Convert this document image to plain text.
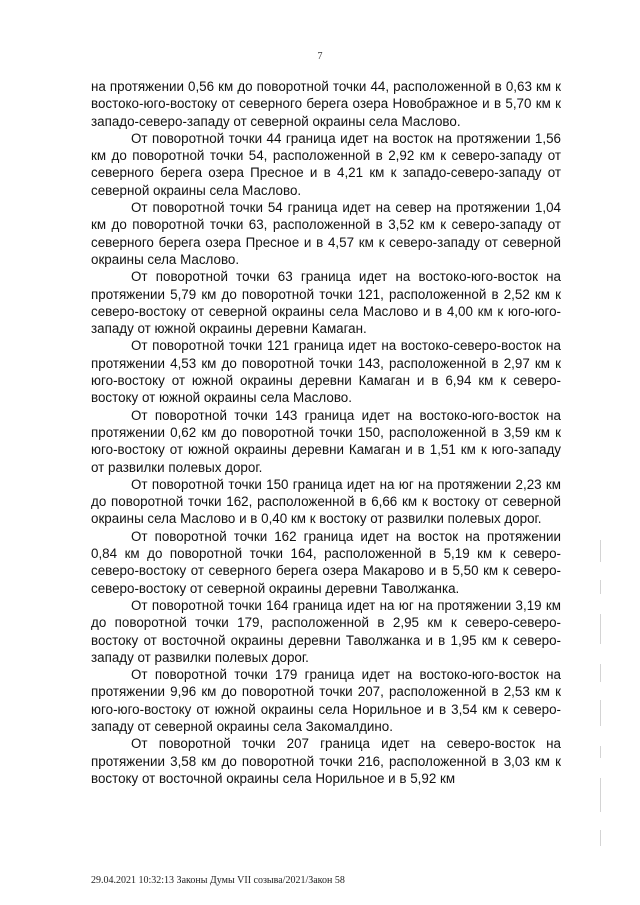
7

на протяжении 0,56 км до поворотной точки 44, расположенной в 0,63 км к востоко-юго-востоку от северного берега озера Новображное и в 5,70 км к западо-северо-западу от северной окраины села Маслово.

От поворотной точки 44 граница идет на восток на протяжении 1,56 км до поворотной точки 54, расположенной в 2,92 км к северо-западу от северного берега озера Пресное и в 4,21 км к западо-северо-западу от северной окраины села Маслово.

От поворотной точки 54 граница идет на север на протяжении 1,04 км до поворотной точки 63, расположенной в 3,52 км к северо-западу от северного берега озера Пресное и в 4,57 км к северо-западу от северной окраины села Маслово.

От поворотной точки 63 граница идет на востоко-юго-восток на протяжении 5,79 км до поворотной точки 121, расположенной в 2,52 км к северо-востоку от северной окраины села Маслово и в 4,00 км к юго-юго-западу от южной окраины деревни Камаган.

От поворотной точки 121 граница идет на востоко-северо-восток на протяжении 4,53 км до поворотной точки 143, расположенной в 2,97 км к юго-востоку от южной окраины деревни Камаган и в 6,94 км к северо-востоку от южной окраины села Маслово.

От поворотной точки 143 граница идет на востоко-юго-восток на протяжении 0,62 км до поворотной точки 150, расположенной в 3,59 км к юго-востоку от южной окраины деревни Камаган и в 1,51 км к юго-западу от развилки полевых дорог.

От поворотной точки 150 граница идет на юг на протяжении 2,23 км до поворотной точки 162, расположенной в 6,66 км к востоку от северной окраины села Маслово и в 0,40 км к востоку от развилки полевых дорог.

От поворотной точки 162 граница идет на восток на протяжении 0,84 км до поворотной точки 164, расположенной в 5,19 км к северо-северо-востоку от северного берега озера Макарово и в 5,50 км к северо-северо-востоку от северной окраины деревни Таволжанка.

От поворотной точки 164 граница идет на юг на протяжении 3,19 км до поворотной точки 179, расположенной в 2,95 км к северо-северо-востоку от восточной окраины деревни Таволжанка и в 1,95 км к северо-западу от развилки полевых дорог.

От поворотной точки 179 граница идет на востоко-юго-восток на протяжении 9,96 км до поворотной точки 207, расположенной в 2,53 км к юго-юго-востоку от южной окраины села Норильное и в 3,54 км к северо-западу от северной окраины села Закомалдино.

От поворотной точки 207 граница идет на северо-восток на протяжении 3,58 км до поворотной точки 216, расположенной в 3,03 км к востоку от восточной окраины села Норильное и в 5,92 км

29.04.2021 10:32:13 Законы Думы VII созыва/2021/Закон 58
